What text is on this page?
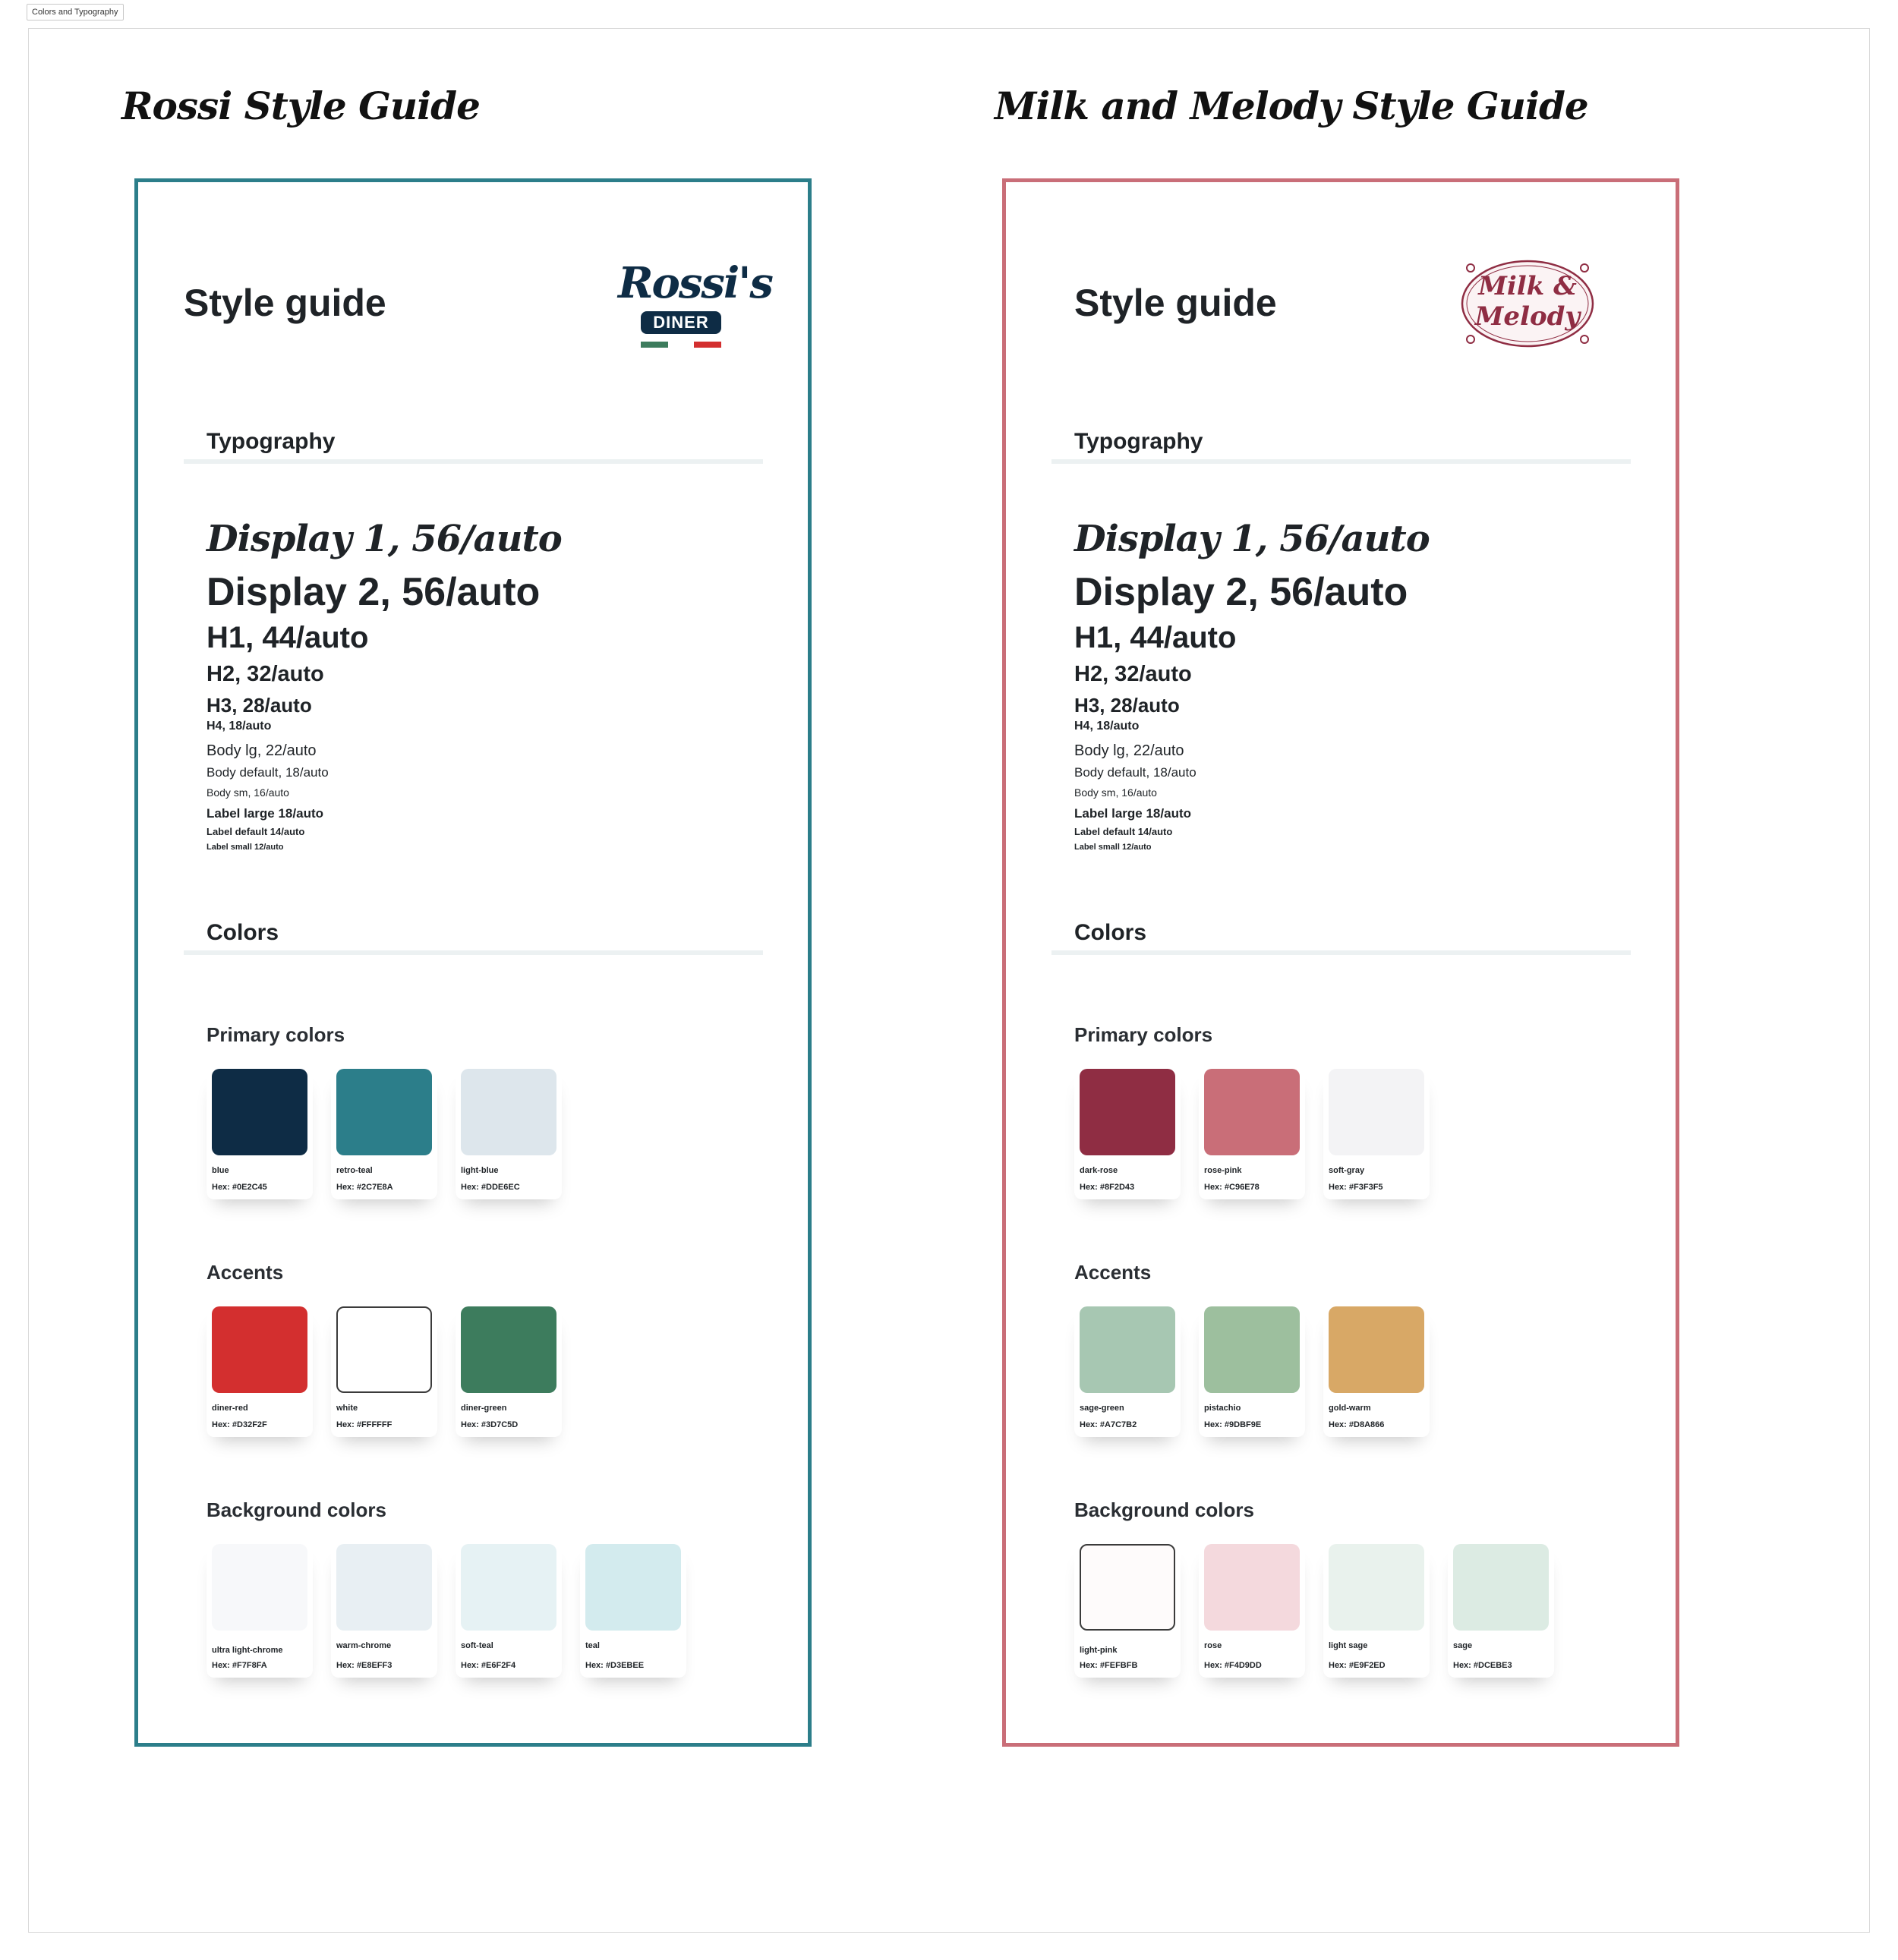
Colors and Typography
Rossi Style Guide
Style guide	Rossi's
DINER
Typography
Display 1, 56/auto
Display 2, 56/auto
H1, 44/auto
H2, 32/auto
H3, 28/auto
H4, 18/auto
Body lg, 22/auto
Body default, 18/auto
Body sm, 16/auto
Label large 18/auto
Label default 14/auto
Label small 12/auto
Colors
Primary colors
blue
Hex: #0E2C45
retro-teal
Hex: #2C7E8A
light-blue
Hex: #DDE6EC
Accents
diner-red
Hex: #D32F2F
white
Hex: #FFFFFF
diner-green
Hex: #3D7C5D
Background colors
ultra light-chrome
Hex: #F7F8FA
warm-chrome
Hex: #E8EFF3
soft-teal
Hex: #E6F2F4
teal
Hex: #D3EBEE
Milk and Melody Style Guide
Style guide	Milk &
Melody
Typography
Display 1, 56/auto
Display 2, 56/auto
H1, 44/auto
H2, 32/auto
H3, 28/auto
H4, 18/auto
Body lg, 22/auto
Body default, 18/auto
Body sm, 16/auto
Label large 18/auto
Label default 14/auto
Label small 12/auto
Colors
Primary colors
dark-rose
Hex: #8F2D43
rose-pink
Hex: #C96E78
soft-gray
Hex: #F3F3F5
Accents
sage-green
Hex: #A7C7B2
pistachio
Hex: #9DBF9E
gold-warm
Hex: #D8A866
Background colors
light-pink
Hex: #FEFBFB
rose
Hex: #F4D9DD
light sage
Hex: #E9F2ED
sage
Hex: #DCEBE3
